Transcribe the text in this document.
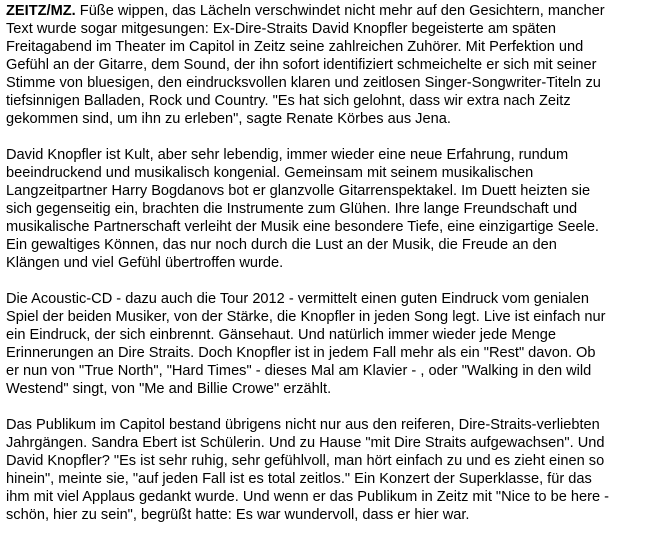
ZEITZ/MZ. Füße wippen, das Lächeln verschwindet nicht mehr auf den Gesichtern, mancher
Text wurde sogar mitgesungen: Ex-Dire-Straits David Knopfler begeisterte am späten
Freitagabend im Theater im Capitol in Zeitz seine zahlreichen Zuhörer. Mit Perfektion und
Gefühl an der Gitarre, dem Sound, der ihn sofort identifiziert schmeichelte er sich mit seiner
Stimme von bluesigen, den eindrucksvollen klaren und zeitlosen Singer-Songwriter-Titeln zu
tiefsinnigen Balladen, Rock und Country. "Es hat sich gelohnt, dass wir extra nach Zeitz
gekommen sind, um ihn zu erleben", sagte Renate Körbes aus Jena.
David Knopfler ist Kult, aber sehr lebendig, immer wieder eine neue Erfahrung, rundum
beeindruckend und musikalisch kongenial. Gemeinsam mit seinem musikalischen
Langzeitpartner Harry Bogdanovs bot er glanzvolle Gitarrenspektakel. Im Duett heizten sie
sich gegenseitig ein, brachten die Instrumente zum Glühen. Ihre lange Freundschaft und
musikalische Partnerschaft verleiht der Musik eine besondere Tiefe, eine einzigartige Seele.
Ein gewaltiges Können, das nur noch durch die Lust an der Musik, die Freude an den
Klängen und viel Gefühl übertroffen wurde.
Die Acoustic-CD - dazu auch die Tour 2012 - vermittelt einen guten Eindruck vom genialen
Spiel der beiden Musiker, von der Stärke, die Knopfler in jeden Song legt. Live ist einfach nur
ein Eindruck, der sich einbrennt. Gänsehaut. Und natürlich immer wieder jede Menge
Erinnerungen an Dire Straits. Doch Knopfler ist in jedem Fall mehr als ein "Rest" davon. Ob
er nun von "True North", "Hard Times" - dieses Mal am Klavier - , oder "Walking in den wild
Westend" singt, von "Me and Billie Crowe" erzählt.
Das Publikum im Capitol bestand übrigens nicht nur aus den reiferen, Dire-Straits-verliebten
Jahrgängen. Sandra Ebert ist Schülerin. Und zu Hause "mit Dire Straits aufgewachsen". Und
David Knopfler? "Es ist sehr ruhig, sehr gefühlvoll, man hört einfach zu und es zieht einen so
hinein", meinte sie, "auf jeden Fall ist es total zeitlos." Ein Konzert der Superklasse, für das
ihm mit viel Applaus gedankt wurde. Und wenn er das Publikum in Zeitz mit "Nice to be here -
schön, hier zu sein", begrüßt hatte: Es war wundervoll, dass er hier war.
